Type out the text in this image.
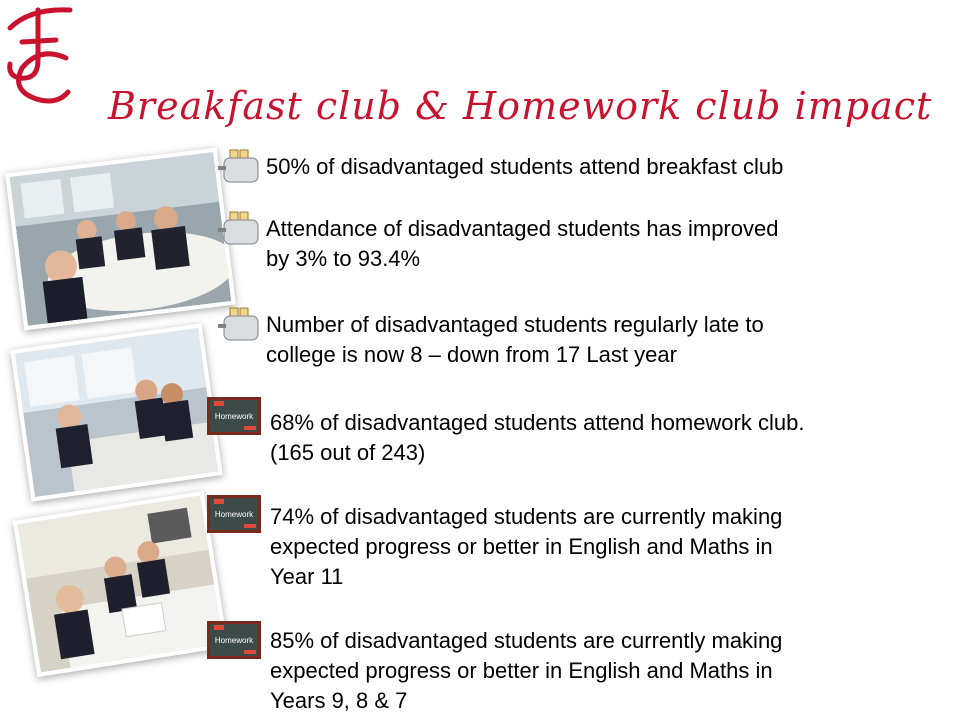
Breakfast club & Homework club impact
50% of disadvantaged students attend breakfast club
Attendance of disadvantaged students has improved
by 3% to 93.4%
Number of disadvantaged students regularly late to
college is now 8 – down from 17 Last year
Homework 68% of disadvantaged students attend homework club.
(165 out of 243)
Homework 74% of disadvantaged students are currently making
expected progress or better in English and Maths in
Year 11
Homework 85% of disadvantaged students are currently making
expected progress or better in English and Maths in
Years 9, 8 & 7
